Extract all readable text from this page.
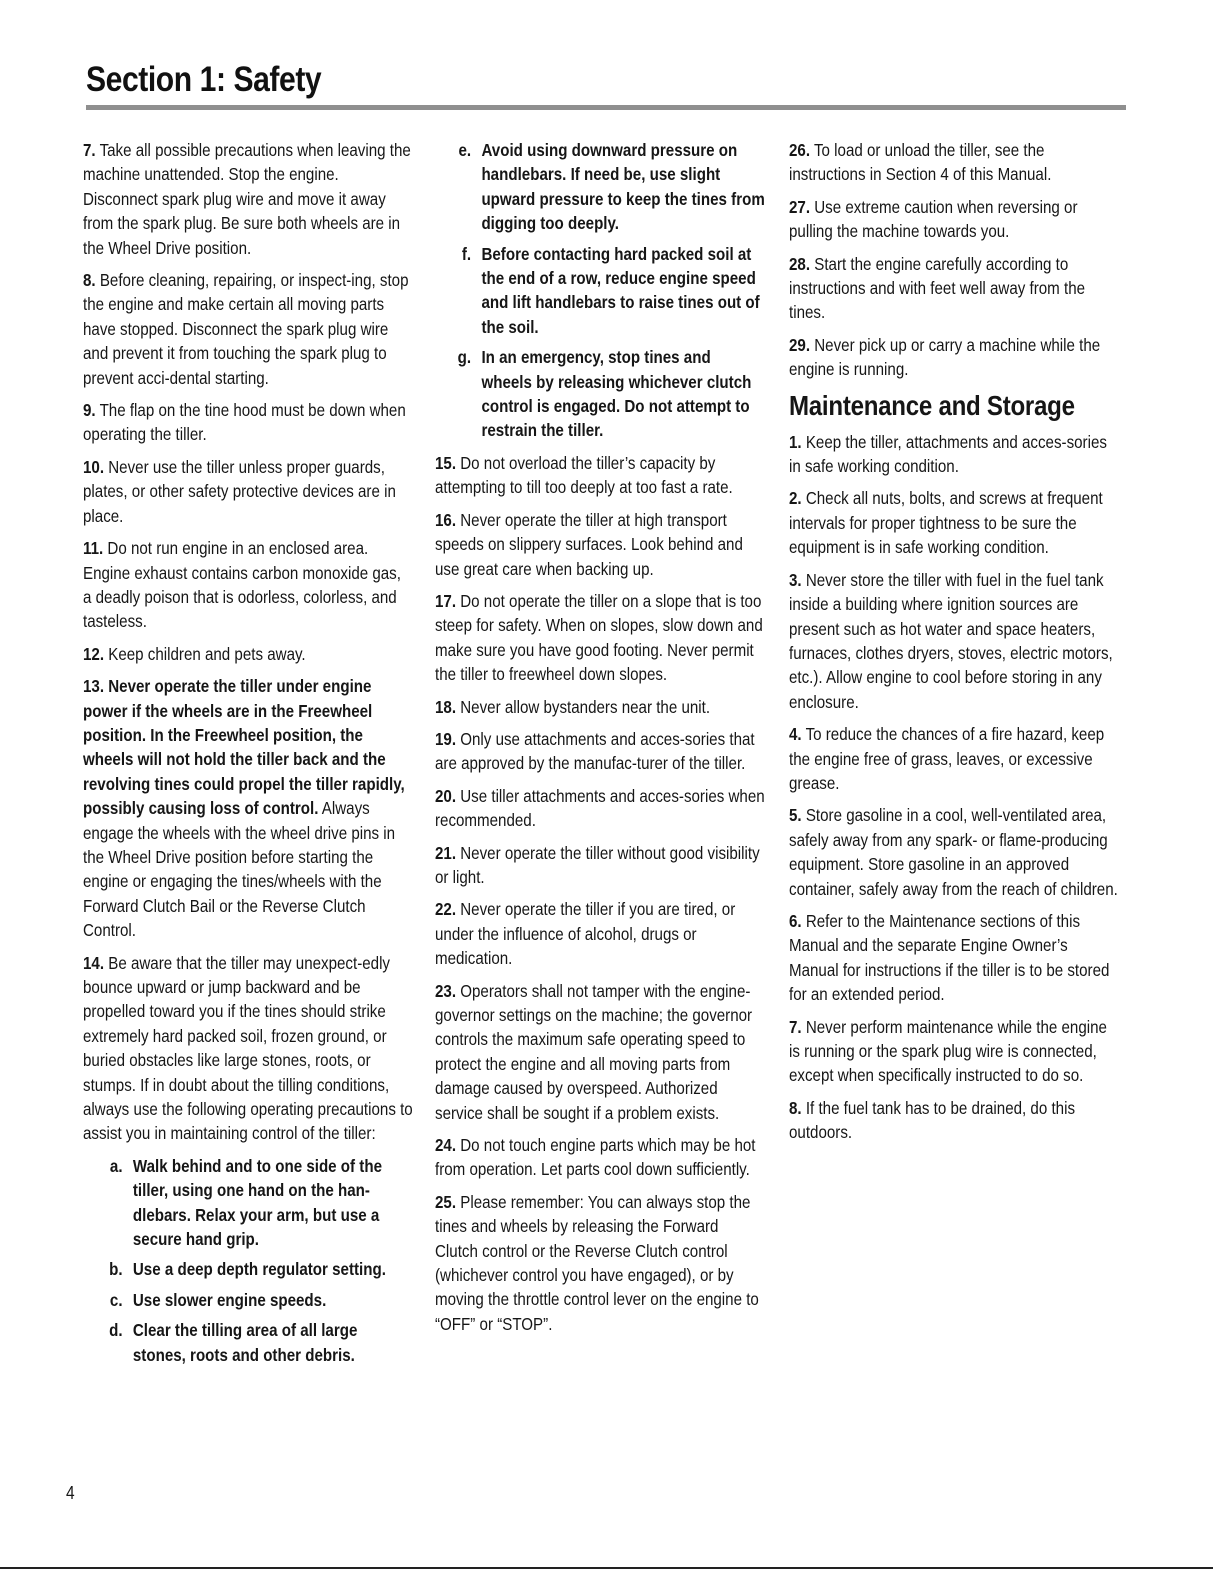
Section 1: Safety

7. Take all possible precautions when leaving the machine unattended. Stop the engine. Disconnect spark plug wire and move it away from the spark plug. Be sure both wheels are in the Wheel Drive position.

8. Before cleaning, repairing, or inspect-ing, stop the engine and make certain all moving parts have stopped. Disconnect the spark plug wire and prevent it from touching the spark plug to prevent acci-dental starting.

9. The flap on the tine hood must be down when operating the tiller.

10. Never use the tiller unless proper guards, plates, or other safety protective devices are in place.

11. Do not run engine in an enclosed area. Engine exhaust contains carbon monoxide gas, a deadly poison that is odorless, colorless, and tasteless.

12. Keep children and pets away.

13. Never operate the tiller under engine power if the wheels are in the Freewheel position. In the Freewheel position, the wheels will not hold the tiller back and the revolving tines could propel the tiller rapidly, possibly causing loss of control. Always engage the wheels with the wheel drive pins in the Wheel Drive position before starting the engine or engaging the tines/wheels with the Forward Clutch Bail or the Reverse Clutch Control.

14. Be aware that the tiller may unexpect-edly bounce upward or jump backward and be propelled toward you if the tines should strike extremely hard packed soil, frozen ground, or buried obstacles like large stones, roots, or stumps. If in doubt about the tilling conditions, always use the following operating precautions to assist you in maintaining control of the tiller:

a. Walk behind and to one side of the tiller, using one hand on the han-dlebars. Relax your arm, but use a secure hand grip.
b. Use a deep depth regulator setting.
c. Use slower engine speeds.
d. Clear the tilling area of all large stones, roots and other debris.
e. Avoid using downward pressure on handlebars. If need be, use slight upward pressure to keep the tines from digging too deeply.
f. Before contacting hard packed soil at the end of a row, reduce engine speed and lift handlebars to raise tines out of the soil.
g. In an emergency, stop tines and wheels by releasing whichever clutch control is engaged. Do not attempt to restrain the tiller.

15. Do not overload the tiller’s capacity by attempting to till too deeply at too fast a rate.

16. Never operate the tiller at high transport speeds on slippery surfaces. Look behind and use great care when backing up.

17. Do not operate the tiller on a slope that is too steep for safety. When on slopes, slow down and make sure you have good footing. Never permit the tiller to freewheel down slopes.

18. Never allow bystanders near the unit.

19. Only use attachments and acces-sories that are approved by the manufac-turer of the tiller.

20. Use tiller attachments and acces-sories when recommended.

21. Never operate the tiller without good visibility or light.

22. Never operate the tiller if you are tired, or under the influence of alcohol, drugs or medication.

23. Operators shall not tamper with the engine-governor settings on the machine; the governor controls the maximum safe operating speed to protect the engine and all moving parts from damage caused by overspeed. Authorized service shall be sought if a problem exists.

24. Do not touch engine parts which may be hot from operation. Let parts cool down sufficiently.

25. Please remember: You can always stop the tines and wheels by releasing the Forward Clutch control or the Reverse Clutch control (whichever control you have engaged), or by moving the throttle control lever on the engine to “OFF” or “STOP”.

26. To load or unload the tiller, see the instructions in Section 4 of this Manual.

27. Use extreme caution when reversing or pulling the machine towards you.

28. Start the engine carefully according to instructions and with feet well away from the tines.

29. Never pick up or carry a machine while the engine is running.

Maintenance and Storage

1. Keep the tiller, attachments and acces-sories in safe working condition.

2. Check all nuts, bolts, and screws at frequent intervals for proper tightness to be sure the equipment is in safe working condition.

3. Never store the tiller with fuel in the fuel tank inside a building where ignition sources are present such as hot water and space heaters, furnaces, clothes dryers, stoves, electric motors, etc.). Allow engine to cool before storing in any enclosure.

4. To reduce the chances of a fire hazard, keep the engine free of grass, leaves, or excessive grease.

5. Store gasoline in a cool, well-ventilated area, safely away from any spark- or flame-producing equipment. Store gasoline in an approved container, safely away from the reach of children.

6. Refer to the Maintenance sections of this Manual and the separate Engine Owner’s Manual for instructions if the tiller is to be stored for an extended period.

7. Never perform maintenance while the engine is running or the spark plug wire is connected, except when specifically instructed to do so.

8. If the fuel tank has to be drained, do this outdoors.

4
